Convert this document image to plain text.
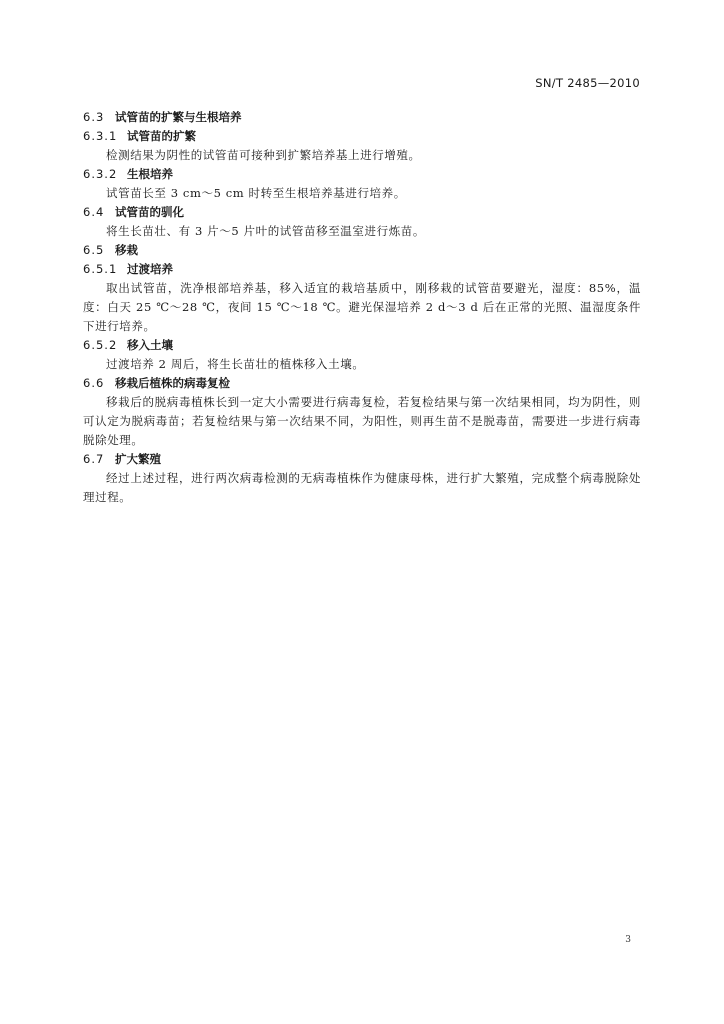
SN/T 2485—2010
6.3 试管苗的扩繁与生根培养
6.3.1 试管苗的扩繁

检测结果为阴性的试管苗可接种到扩繁培养基上进行增殖。

6.3.2 生根培养

试管苗长至 3 cm～5 cm 时转至生根培养基进行培养。

6.4 试管苗的驯化

将生长苗壮、有 3 片～5 片叶的试管苗移至温室进行炼苗。

6.5 移栽
6.5.1 过渡培养

取出试管苗，洗净根部培养基，移入适宜的栽培基质中，刚移栽的试管苗要避光，湿度：85%，温度：白天 25 ℃～28 ℃，夜间 15 ℃～18 ℃。避光保湿培养 2 d～3 d 后在正常的光照、温湿度条件下进行培养。

6.5.2 移入土壤

过渡培养 2 周后，将生长苗壮的植株移入土壤。

6.6 移栽后植株的病毒复检

移栽后的脱病毒植株长到一定大小需要进行病毒复检，若复检结果与第一次结果相同，均为阴性，则可认定为脱病毒苗；若复检结果与第一次结果不同，为阳性，则再生苗不是脱毒苗，需要进一步进行病毒脱除处理。

6.7 扩大繁殖

经过上述过程，进行两次病毒检测的无病毒植株作为健康母株，进行扩大繁殖，完成整个病毒脱除处理过程。

3
